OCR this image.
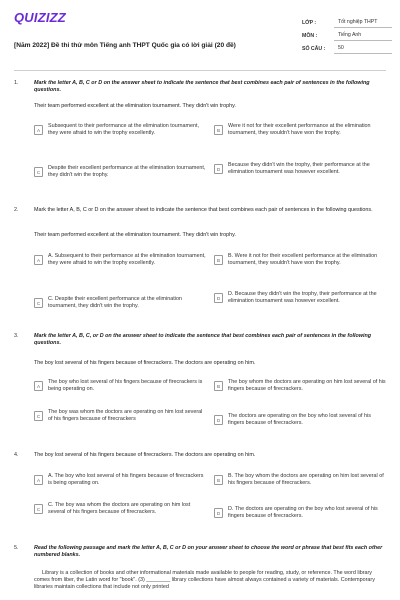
QUIZIZZ
[Năm 2022] Đề thi thử môn Tiếng anh THPT Quốc gia có lời giải (20 đề)
LỚP :	Tốt nghiệp THPT
MÔN :	Tiếng Anh
SỐ CÂU :	50
1.	Mark the letter A, B, C or D on the answer sheet to indicate the sentence that best combines each pair of sentences in the following questions.
Their team performed excellent at the elimination tournament. They didn't win trophy.
A
Subsequent to their performance at the elimination tournament, they were afraid to win the trophy excellently.
B
Were it not for their excellent performance at the elimination tournament, they wouldn't have won the trophy.
C
Despite their excellent performance at the elimination tournament, they didn't win the trophy.
D
Because they didn't win the trophy, their performance at the elimination tournament was however excellent.
2.	Mark the letter A, B, C or D on the answer sheet to indicate the sentence that best combines each pair of sentences in the following questions.
Their team performed excellent at the elimination tournament. They didn't win trophy.
A
A. Subsequent to their performance at the elimination tournament, they were afraid to win the trophy excellently.
B
B. Were it not for their excellent performance at the elimination tournament, they wouldn't have won the trophy.
C
C. Despite their excellent performance at the elimination tournament, they didn't win the trophy.
D
D. Because they didn't win the trophy, their performance at the elimination tournament was however excellent.
3.	Mark the letter A, B, C, or D on the answer sheet to indicate the sentence that best combines each pair of sentences in the following questions.
The boy lost several of his fingers because of firecrackers. The doctors are operating on him.
A
The boy who lost several of his fingers because of firecrackers is being operating on.
B
The boy whom the doctors are operating on him lost several of his fingers because of firecrackers.
C
The boy was whom the doctors are operating on him lost several of his fingers because of firecrackers	D
The doctors are operating on the boy who lost several of his fingers because of firecrackers.
4.	The boy lost several of his fingers because of firecrackers. The doctors are operating on him.
A
A. The boy who lost several of his fingers because of firecrackers is being operating on.
B
B. The boy whom the doctors are operating on him lost several of his fingers because of firecrackers.
C
C. The boy was whom the doctors are operating on him lost several of his fingers because of firecrackers.	D
D. The doctors are operating on the boy who lost several of his fingers because of firecrackers.
5.	Read the following passage and mark the letter A, B, C or D on your answer sheet to choose the word or phrase that best fits each other numbered blanks.
Library is a collection of books and other informational materials made available to people for reading, study, or reference. The word library comes from liber, the Latin word for "book". (3) ________ library collections have almost always contained a variety of materials. Contemporary libraries maintain collections that include not only printed
